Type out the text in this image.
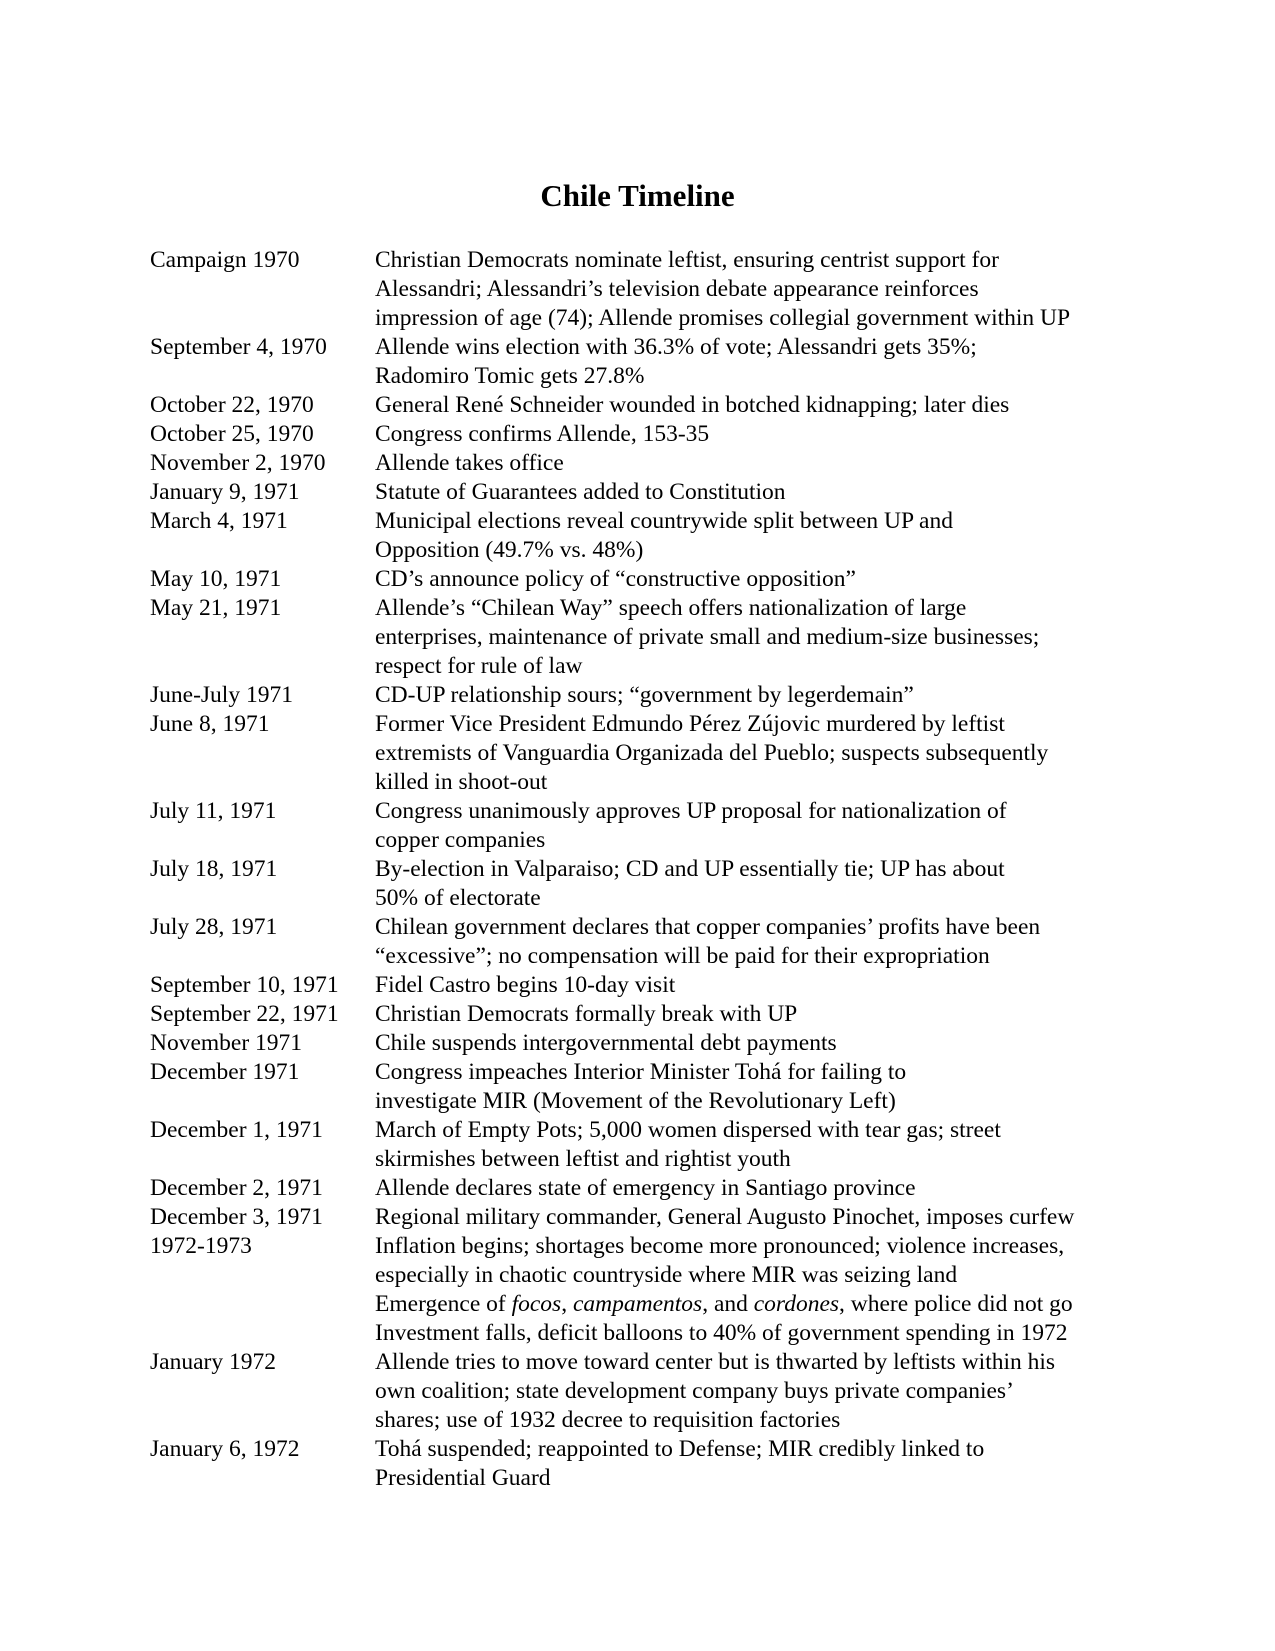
Chile Timeline
Campaign 1970	Christian Democrats nominate leftist, ensuring centrist support for
Alessandri; Alessandri’s television debate appearance reinforces
impression of age (74); Allende promises collegial government within UP
September 4, 1970	Allende wins election with 36.3% of vote; Alessandri gets 35%;
Radomiro Tomic gets 27.8%
October 22, 1970	General René Schneider wounded in botched kidnapping; later dies
October 25, 1970	Congress confirms Allende, 153-35
November 2, 1970	Allende takes office
January 9, 1971	Statute of Guarantees added to Constitution
March 4, 1971	Municipal elections reveal countrywide split between UP and
Opposition (49.7% vs. 48%)
May 10, 1971	CD’s announce policy of “constructive opposition”
May 21, 1971	Allende’s “Chilean Way” speech offers nationalization of large
enterprises, maintenance of private small and medium-size businesses;
respect for rule of law
June-July 1971	CD-UP relationship sours; “government by legerdemain”
June 8, 1971	Former Vice President Edmundo Pérez Zújovic murdered by leftist
extremists of Vanguardia Organizada del Pueblo; suspects subsequently
killed in shoot-out
July 11, 1971	Congress unanimously approves UP proposal for nationalization of
copper companies
July 18, 1971	By-election in Valparaiso; CD and UP essentially tie; UP has about
50% of electorate
July 28, 1971	Chilean government declares that copper companies’ profits have been
“excessive”; no compensation will be paid for their expropriation
September 10, 1971	Fidel Castro begins 10-day visit
September 22, 1971	Christian Democrats formally break with UP
November 1971	Chile suspends intergovernmental debt payments
December 1971	Congress impeaches Interior Minister Tohá for failing to
investigate MIR (Movement of the Revolutionary Left)
December 1, 1971	March of Empty Pots; 5,000 women dispersed with tear gas; street
skirmishes between leftist and rightist youth
December 2, 1971	Allende declares state of emergency in Santiago province
December 3, 1971	Regional military commander, General Augusto Pinochet, imposes curfew
1972-1973	Inflation begins; shortages become more pronounced; violence increases,
especially in chaotic countryside where MIR was seizing land
Emergence of focos, campamentos, and cordones, where police did not go
Investment falls, deficit balloons to 40% of government spending in 1972
January 1972	Allende tries to move toward center but is thwarted by leftists within his
own coalition; state development company buys private companies’
shares; use of 1932 decree to requisition factories
January 6, 1972	Tohá suspended; reappointed to Defense; MIR credibly linked to
Presidential Guard
